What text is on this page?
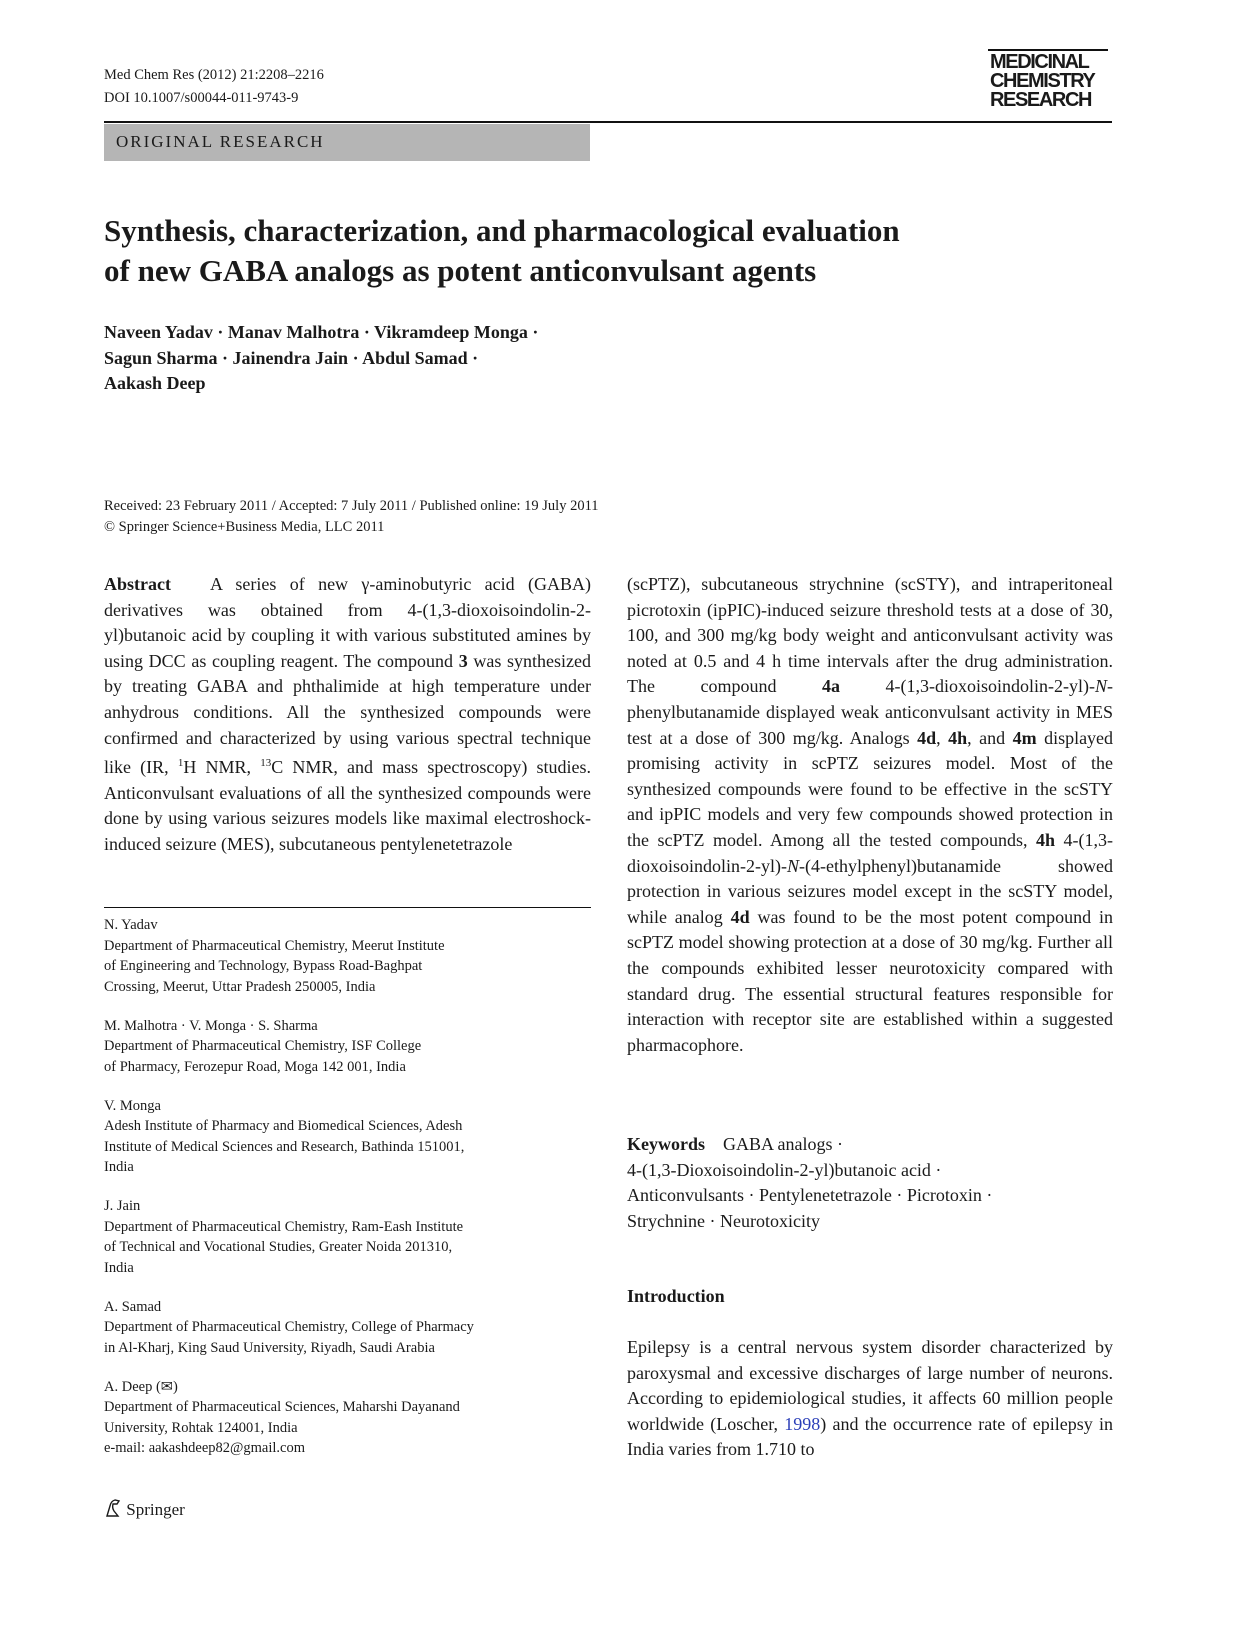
Med Chem Res (2012) 21:2208–2216
DOI 10.1007/s00044-011-9743-9
MEDICINAL
CHEMISTRY
RESEARCH
ORIGINAL RESEARCH
Synthesis, characterization, and pharmacological evaluation
of new GABA analogs as potent anticonvulsant agents
Naveen Yadav · Manav Malhotra · Vikramdeep Monga ·
Sagun Sharma · Jainendra Jain · Abdul Samad ·
Aakash Deep
Received: 23 February 2011 / Accepted: 7 July 2011 / Published online: 19 July 2011
© Springer Science+Business Media, LLC 2011

Abstract A series of new γ-aminobutyric acid (GABA) derivatives was obtained from 4-(1,3-dioxoisoindolin-2-yl)butanoic acid by coupling it with various substituted amines by using DCC as coupling reagent. The compound 3 was synthesized by treating GABA and phthalimide at high temperature under anhydrous conditions. All the synthesized compounds were confirmed and characterized by using various spectral technique like (IR, $^1$H NMR, $^{13}$C NMR, and mass spectroscopy) studies. Anticonvulsant evaluations of all the synthesized compounds were done by using various seizures models like maximal electroshock-induced seizure (MES), subcutaneous pentylenetetrazole

N. Yadav
Department of Pharmaceutical Chemistry, Meerut Institute
of Engineering and Technology, Bypass Road-Baghpat
Crossing, Meerut, Uttar Pradesh 250005, India
M. Malhotra · V. Monga · S. Sharma
Department of Pharmaceutical Chemistry, ISF College
of Pharmacy, Ferozepur Road, Moga 142 001, India
V. Monga
Adesh Institute of Pharmacy and Biomedical Sciences, Adesh
Institute of Medical Sciences and Research, Bathinda 151001,
India
J. Jain
Department of Pharmaceutical Chemistry, Ram-Eash Institute
of Technical and Vocational Studies, Greater Noida 201310,
India
A. Samad
Department of Pharmaceutical Chemistry, College of Pharmacy
in Al-Kharj, King Saud University, Riyadh, Saudi Arabia
A. Deep (✉)
Department of Pharmaceutical Sciences, Maharshi Dayanand
University, Rohtak 124001, India
e-mail: aakashdeep82@gmail.com

(scPTZ), subcutaneous strychnine (scSTY), and intraperitoneal picrotoxin (ipPIC)-induced seizure threshold tests at a dose of 30, 100, and 300 mg/kg body weight and anticonvulsant activity was noted at 0.5 and 4 h time intervals after the drug administration. The compound	4a	4-(1,3-dioxoisoindolin-2-yl)-N-phenylbutanamide displayed weak anticonvulsant activity in MES test at a dose of 300 mg/kg. Analogs 4d, 4h, and 4m displayed promising activity in scPTZ seizures model. Most of the synthesized compounds were found to be effective in the scSTY and ipPIC models and very few compounds showed protection in the scPTZ model. Among all the tested compounds, 4h 4-(1,3-dioxoisoindolin-2-yl)-N-(4-ethylphenyl)butanamide showed protection in various seizures model except in the scSTY model, while analog 4d was found to be the most potent compound in scPTZ model showing protection at a dose of 30 mg/kg. Further all the compounds exhibited lesser neurotoxicity compared with standard drug. The essential structural features responsible for interaction with receptor site are established within a suggested pharmacophore.

Keywords GABA analogs ·
4-(1,3-Dioxoisoindolin-2-yl)butanoic acid ·
Anticonvulsants · Pentylenetetrazole · Picrotoxin ·
Strychnine · Neurotoxicity
Introduction

Epilepsy is a central nervous system disorder characterized by paroxysmal and excessive discharges of large number of neurons. According to epidemiological studies, it affects 60 million people worldwide (Loscher, 1998) and the occurrence rate of epilepsy in India varies from 1.710 to

Springer
